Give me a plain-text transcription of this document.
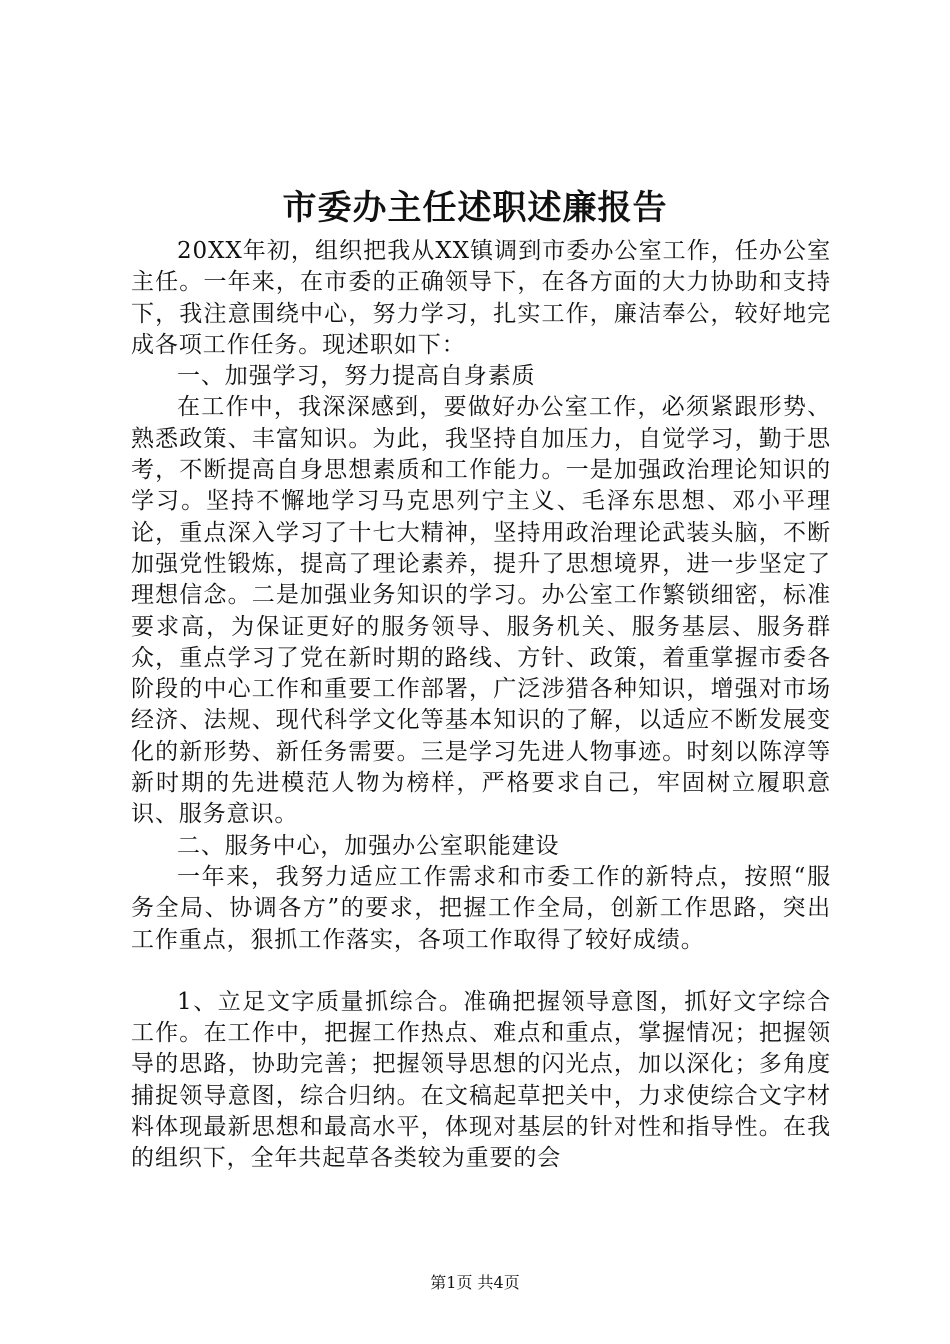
市委办主任述职述廉报告

20XX年初，组织把我从XX镇调到市委办公室工作，任办公室主任。一年来，在市委的正确领导下，在各方面的大力协助和支持下，我注意围绕中心，努力学习，扎实工作，廉洁奉公，较好地完成各项工作任务。现述职如下：

一、加强学习，努力提高自身素质

在工作中，我深深感到，要做好办公室工作，必须紧跟形势、熟悉政策、丰富知识。为此，我坚持自加压力，自觉学习，勤于思考，不断提高自身思想素质和工作能力。一是加强政治理论知识的学习。坚持不懈地学习马克思列宁主义、毛泽东思想、邓小平理论，重点深入学习了十七大精神，坚持用政治理论武装头脑，不断加强党性锻炼，提高了理论素养，提升了思想境界，进一步坚定了理想信念。二是加强业务知识的学习。办公室工作繁锁细密，标准要求高，为保证更好的服务领导、服务机关、服务基层、服务群众，重点学习了党在新时期的路线、方针、政策，着重掌握市委各阶段的中心工作和重要工作部署，广泛涉猎各种知识，增强对市场经济、法规、现代科学文化等基本知识的了解，以适应不断发展变化的新形势、新任务需要。三是学习先进人物事迹。时刻以陈淳等新时期的先进模范人物为榜样，严格要求自己，牢固树立履职意识、服务意识。

二、服务中心，加强办公室职能建设

一年来，我努力适应工作需求和市委工作的新特点，按照“服务全局、协调各方”的要求，把握工作全局，创新工作思路，突出工作重点，狠抓工作落实，各项工作取得了较好成绩。

1、立足文字质量抓综合。准确把握领导意图，抓好文字综合工作。在工作中，把握工作热点、难点和重点，掌握情况；把握领导的思路，协助完善；把握领导思想的闪光点，加以深化；多角度捕捉领导意图，综合归纳。在文稿起草把关中，力求使综合文字材料体现最新思想和最高水平，体现对基层的针对性和指导性。在我的组织下，全年共起草各类较为重要的会

第1页 共4页
